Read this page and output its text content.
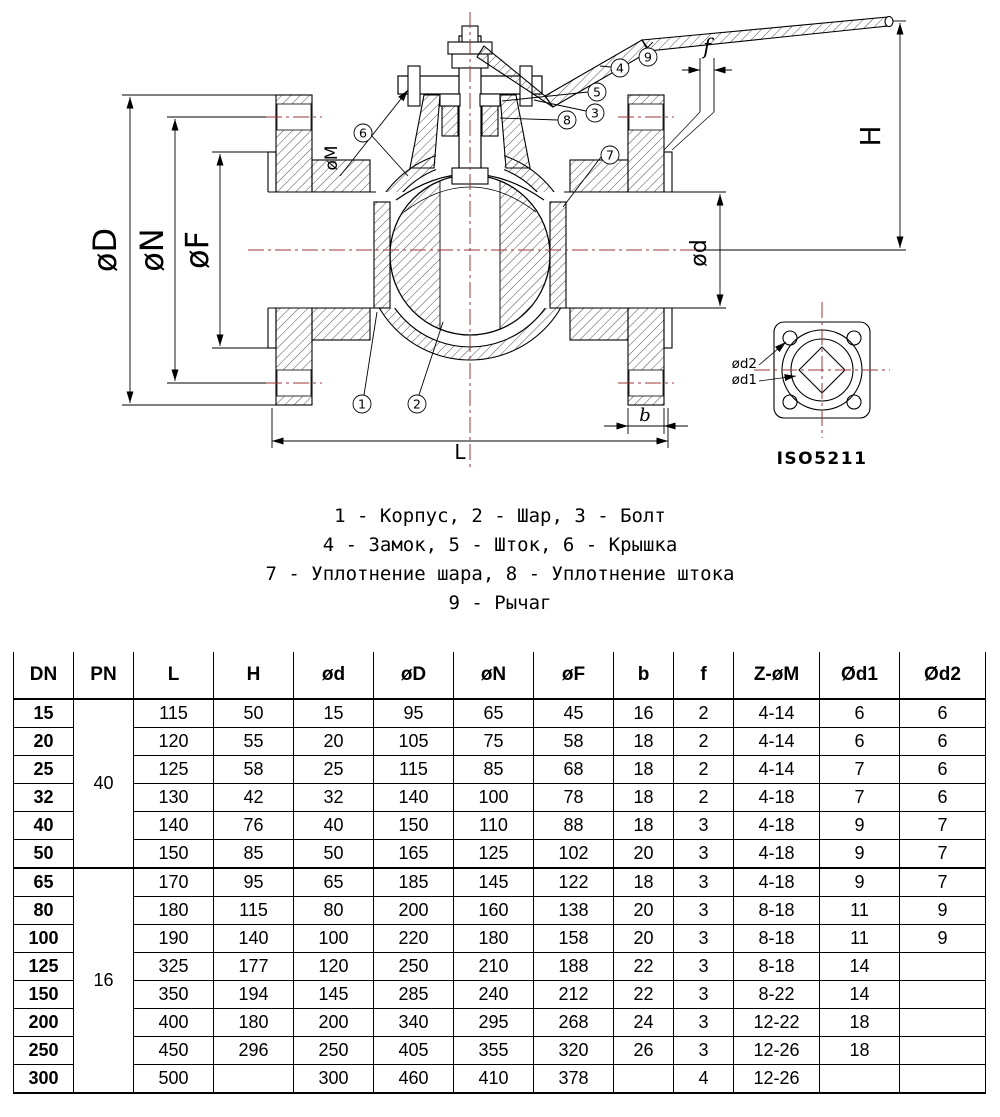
ød2
ød1
ISO5211
øD øN øF
øM
f
H
ød
b
L
1	2
3
4
5
6
7
8
9
1 - Корпус, 2 - Шар, 3 - Болт
4 - Замок, 5 - Шток, 6 - Крышка
7 - Уплотнение шара, 8 - Уплотнение штока
9 - Рычаг
DN	PN	L	H	ød	øD	øN	øF	b	f	Z-øM	Ød1	Ød2
15	40	115	50	15	95	65	45	16	2	4-14	6	6
20		120	55	20	105	75	58	18	2	4-14	6	6
25		125	58	25	115	85	68	18	2	4-14	7	6
32		130	42	32	140	100	78	18	2	4-18	7	6
40		140	76	40	150	110	88	18	3	4-18	9	7
50		150	85	50	165	125	102	20	3	4-18	9	7
65	16	170	95	65	185	145	122	18	3	4-18	9	7
80		180	115	80	200	160	138	20	3	8-18	11	9
100		190	140	100	220	180	158	20	3	8-18	11	9
125		325	177	120	250	210	188	22	3	8-18	14	
150		350	194	145	285	240	212	22	3	8-22	14	
200		400	180	200	340	295	268	24	3	12-22	18	
250		450	296	250	405	355	320	26	3	12-26	18	
300		500		300	460	410	378		4	12-26		
